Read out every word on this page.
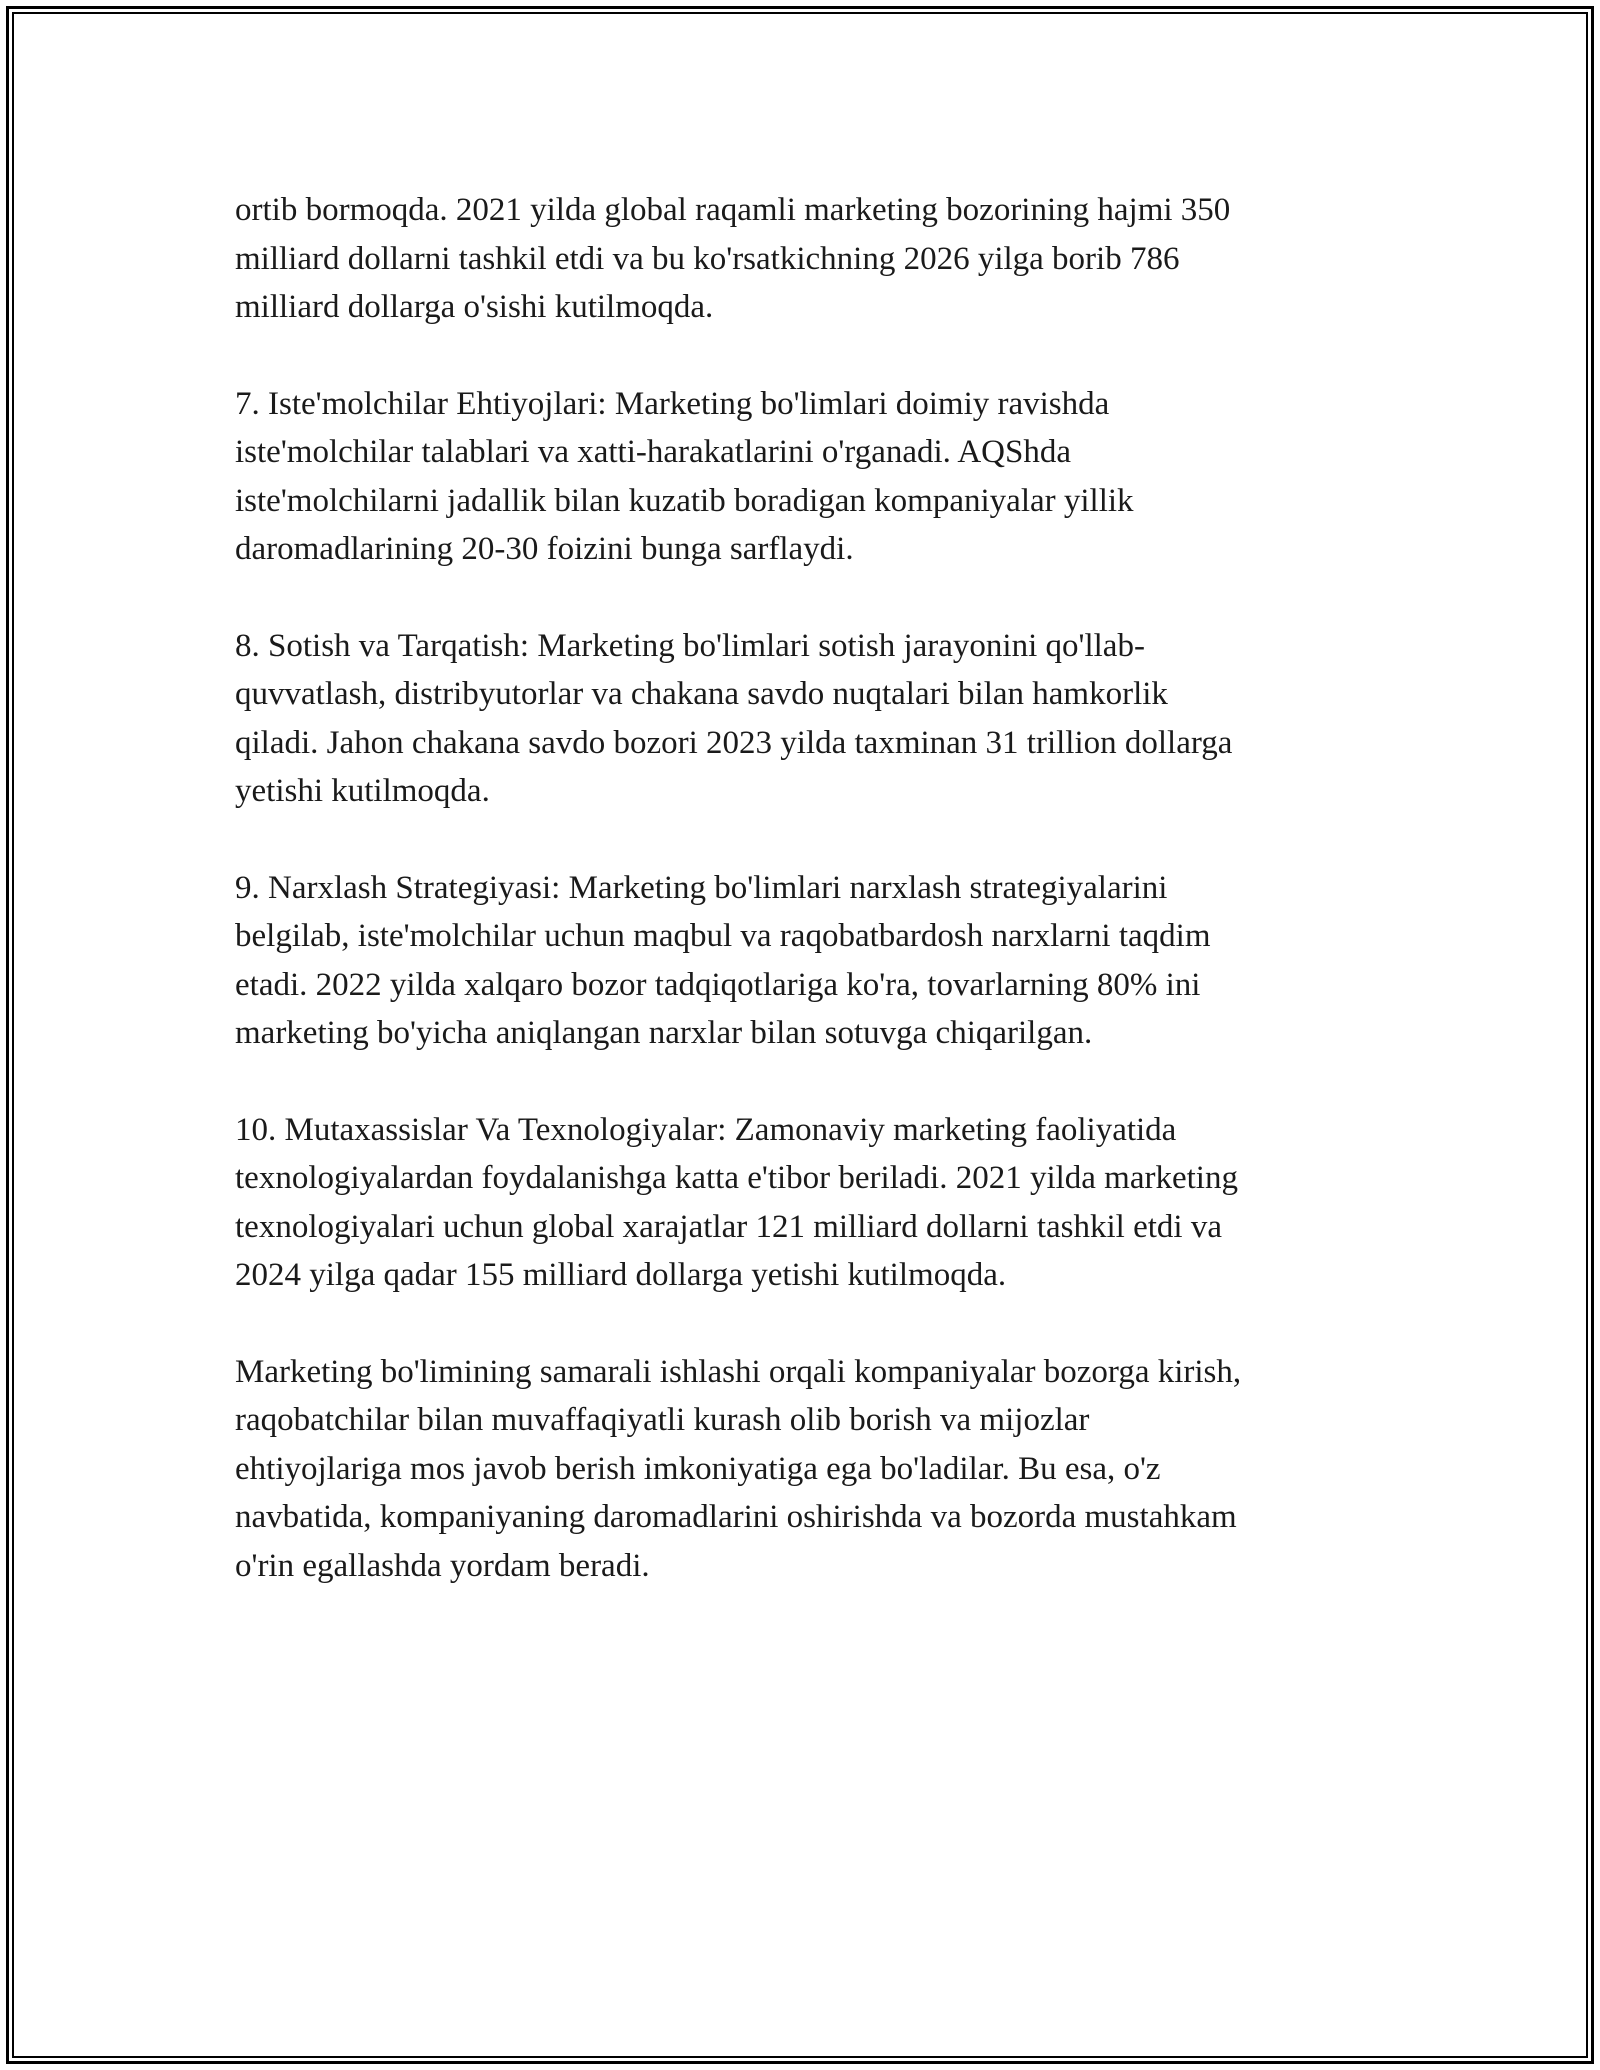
ortib bormoqda. 2021 yilda global raqamli marketing bozorining hajmi 350
milliard dollarni tashkil etdi va bu ko'rsatkichning 2026 yilga borib 786
milliard dollarga o'sishi kutilmoqda.

7. Iste'molchilar Ehtiyojlari: Marketing bo'limlari doimiy ravishda
iste'molchilar talablari va xatti-harakatlarini o'rganadi. AQShda
iste'molchilarni jadallik bilan kuzatib boradigan kompaniyalar yillik
daromadlarining 20-30 foizini bunga sarflaydi.

8. Sotish va Tarqatish: Marketing bo'limlari sotish jarayonini qo'llab-
quvvatlash, distribyutorlar va chakana savdo nuqtalari bilan hamkorlik
qiladi. Jahon chakana savdo bozori 2023 yilda taxminan 31 trillion dollarga
yetishi kutilmoqda.

9. Narxlash Strategiyasi: Marketing bo'limlari narxlash strategiyalarini
belgilab, iste'molchilar uchun maqbul va raqobatbardosh narxlarni taqdim
etadi. 2022 yilda xalqaro bozor tadqiqotlariga ko'ra, tovarlarning 80% ini
marketing bo'yicha aniqlangan narxlar bilan sotuvga chiqarilgan.

10. Mutaxassislar Va Texnologiyalar: Zamonaviy marketing faoliyatida
texnologiyalardan foydalanishga katta e'tibor beriladi. 2021 yilda marketing
texnologiyalari uchun global xarajatlar 121 milliard dollarni tashkil etdi va
2024 yilga qadar 155 milliard dollarga yetishi kutilmoqda.

Marketing bo'limining samarali ishlashi orqali kompaniyalar bozorga kirish,
raqobatchilar bilan muvaffaqiyatli kurash olib borish va mijozlar
ehtiyojlariga mos javob berish imkoniyatiga ega bo'ladilar. Bu esa, o'z
navbatida, kompaniyaning daromadlarini oshirishda va bozorda mustahkam
o'rin egallashda yordam beradi.
